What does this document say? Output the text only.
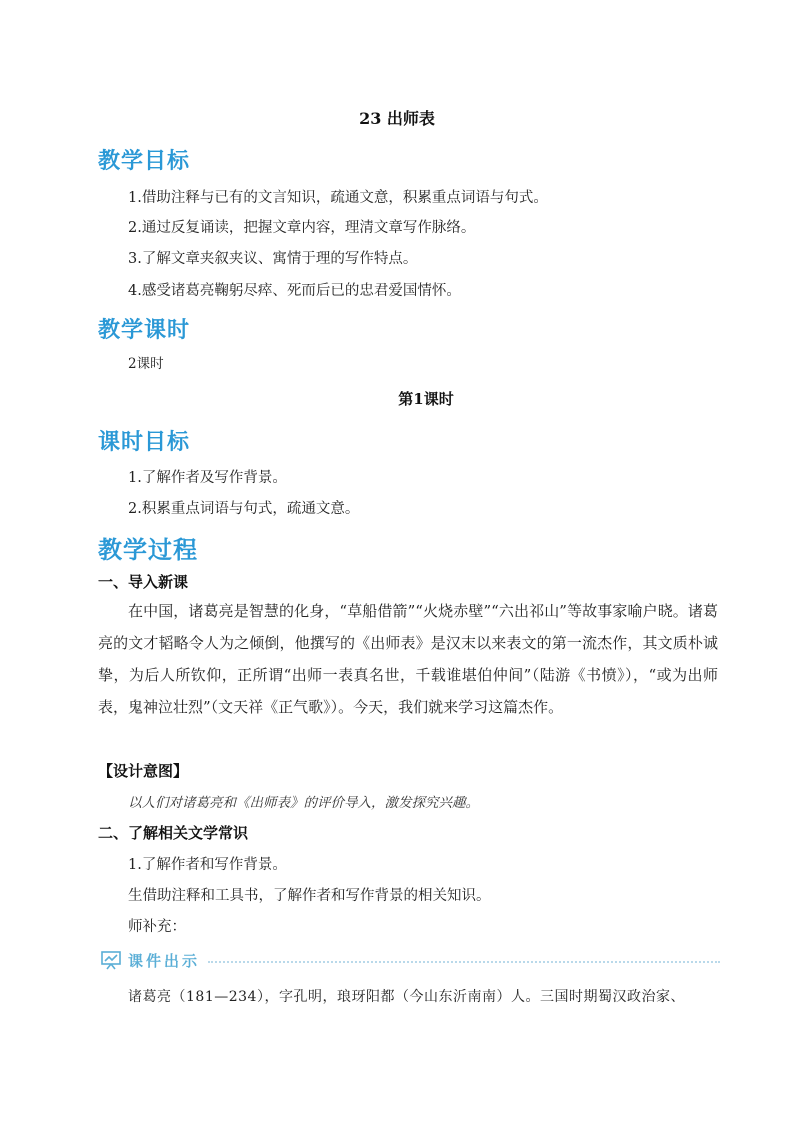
23 出师表
教学目标
1.借助注释与已有的文言知识，疏通文意，积累重点词语与句式。
2.通过反复诵读，把握文章内容，理清文章写作脉络。
3.了解文章夹叙夹议、寓情于理的写作特点。
4.感受诸葛亮鞠躬尽瘁、死而后已的忠君爱国情怀。
教学课时
2课时
第1课时
课时目标
1.了解作者及写作背景。
2.积累重点词语与句式，疏通文意。
教学过程
一、导入新课

在中国，诸葛亮是智慧的化身，“草船借箭”“火烧赤壁”“六出祁山”等故事家喻户晓。诸葛亮的文才韬略令人为之倾倒，他撰写的《出师表》是汉末以来表文的第一流杰作，其文质朴诚挚，为后人所钦仰，正所谓“出师一表真名世，千载谁堪伯仲间”（陆游《书愤》），“或为出师表，鬼神泣壮烈”（文天祥《正气歌》）。今天，我们就来学习这篇杰作。

【设计意图】
以人们对诸葛亮和《出师表》的评价导入，激发探究兴趣。
二、了解相关文学常识
1.了解作者和写作背景。
生借助注释和工具书，了解作者和写作背景的相关知识。
师补充：
课件出示
诸葛亮（181—234），字孔明，琅玡阳都（今山东沂南南）人。三国时期蜀汉政治家、
